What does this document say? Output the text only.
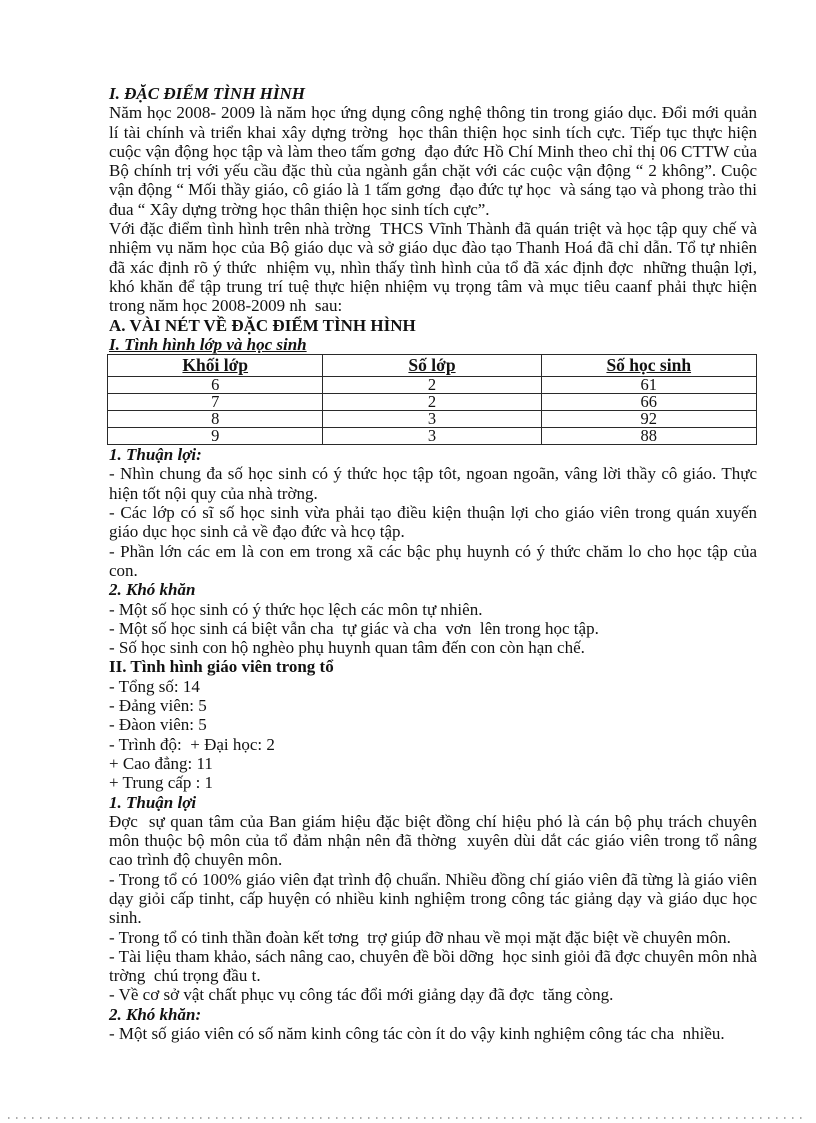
I. ĐẶC ĐIỂM TÌNH HÌNH

Năm học 2008- 2009 là năm học ứng dụng công nghệ thông tin trong giáo dục. Đổi mới quản lí tài chính và triển khai xây dựng trờng  học thân thiện học sinh tích cực. Tiếp tục thực hiện cuộc vận động học tập và làm theo tấm gơng  đạo đức Hồ Chí Minh theo chỉ thị 06 CTTW của Bộ chính trị với yếu cầu đặc thù của ngành gắn chặt với các cuộc vận động “ 2 không”. Cuộc vận động “ Mối thầy giáo, cô giáo là 1 tấm gơng  đạo đức tự học  và sáng tạo và phong trào thi đua “ Xây dựng trờng học thân thiện học sinh tích cực”.

Với đặc điểm tình hình trên nhà trờng  THCS Vĩnh Thành đã quán triệt và học tập quy chế và nhiệm vụ năm học của Bộ giáo dục và sở giáo dục đào tạo Thanh Hoá đã chỉ dẫn. Tổ tự nhiên đã xác định rõ ý thức  nhiệm vụ, nhìn thấy tình hình của tổ đã xác định đợc  những thuận lợi, khó khăn để tập trung trí tuệ thực hiện nhiệm vụ trọng tâm và mục tiêu caanf phải thực hiện trong năm học 2008-2009 nh  sau:

A. VÀI NÉT VỀ ĐẶC ĐIỂM TÌNH HÌNH
I. Tình hình lớp và học sinh
Khối lớp	Số lớp	Số học sinh
6	2	61
7	2	66
8	3	92
9	3	88
1. Thuận lợi:

- Nhìn chung đa số học sinh có ý thức học tập tôt, ngoan ngoãn, vâng lời thầy cô giáo. Thực hiện tốt nội quy của nhà trờng.

- Các lớp có sĩ số học sinh vừa phải tạo điều kiện thuận lợi cho giáo viên trong quán xuyến giáo dục học sinh cả về đạo đức và hcọ tập.

- Phần lớn các em là con em trong xã các bậc phụ huynh có ý thức chăm lo cho học tập của con.

2. Khó khăn

- Một số học sinh có ý thức học lệch các môn tự nhiên.

- Một số học sinh cá biệt vẫn cha  tự giác và cha  vơn  lên trong học tập.

- Số học sinh con hộ nghèo phụ huynh quan tâm đến con còn hạn chế.

II. Tình hình giáo viên trong tổ

- Tổng số: 14

- Đảng viên: 5

- Đàon viên: 5

- Trình độ:  + Đại học: 2

+ Cao đẳng: 11

+ Trung cấp : 1

1. Thuận lợi

Đợc  sự quan tâm của Ban giám hiệu đặc biệt đồng chí hiệu phó là cán bộ phụ trách chuyên môn thuộc bộ môn của tổ đảm nhận nên đã thờng  xuyên dùi dắt các giáo viên trong tổ nâng cao trình độ chuyên môn.

- Trong tổ có 100% giáo viên đạt trình độ chuẩn. Nhiều đồng chí giáo viên đã từng là giáo viên dạy giỏi cấp tinht, cấp huyện có nhiều kinh nghiệm trong công tác giảng dạy và giáo dục học sinh.

- Trong tổ có tinh thần đoàn kết tơng  trợ giúp đỡ nhau về mọi mặt đặc biệt về chuyên môn.

- Tài liệu tham khảo, sách nâng cao, chuyên đề bồi dỡng  học sinh giỏi đã đợc chuyên môn nhà trờng  chú trọng đầu t.

- Về cơ sở vật chất phục vụ công tác đổi mới giảng dạy đã đợc  tăng còng.

2. Khó khăn:

- Một số giáo viên có số năm kinh công tác còn ít do vậy kinh nghiệm công tác cha  nhiều.
